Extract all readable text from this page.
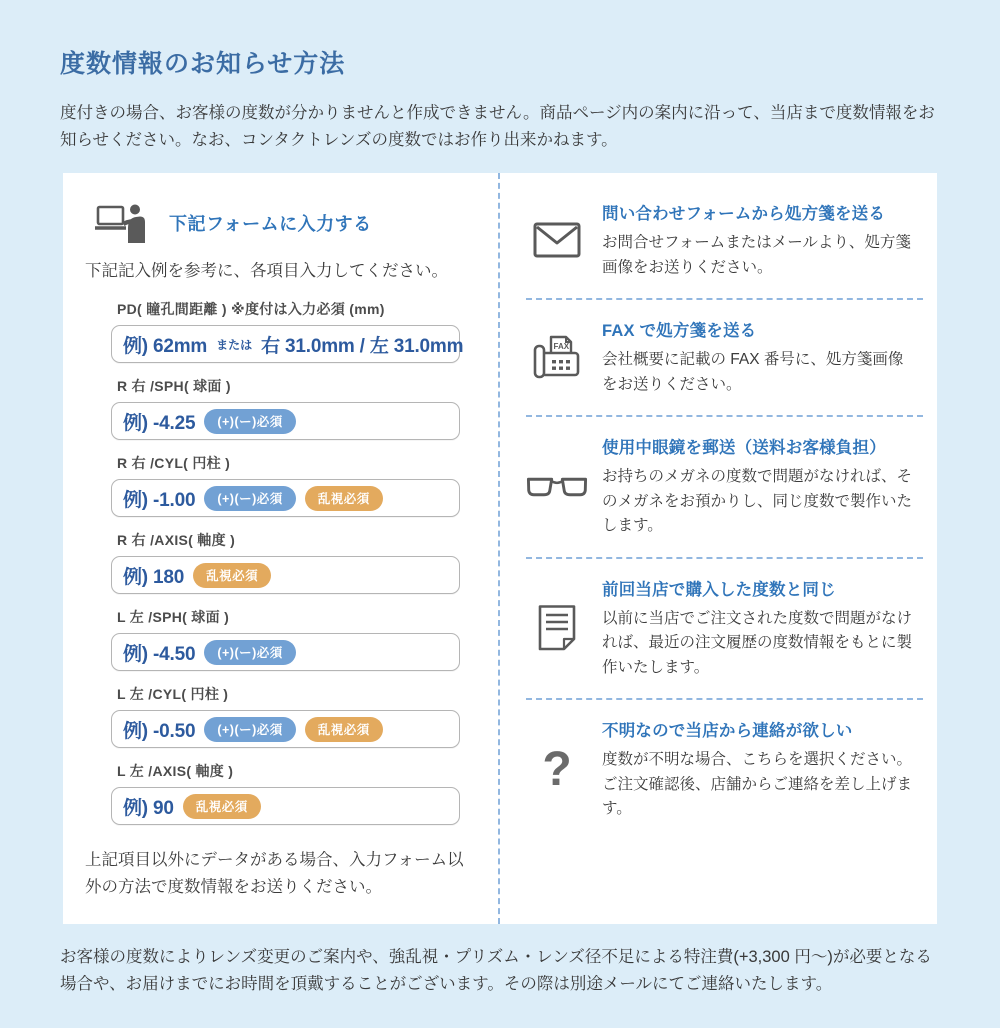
度数情報のお知らせ方法

度付きの場合、お客様の度数が分かりませんと作成できません。商品ページ内の案内に沿って、当店まで度数情報をお知らせください。なお、コンタクトレンズの度数ではお作り出来かねます。

下記フォームに入力する

下記記入例を参考に、各項目入力してください。

PD( 瞳孔間距離 ) ※度付は入力必須 (mm)
例) 62mm または 右 31.0mm / 左 31.0mm
R 右 /SPH( 球面 )
例) -4.25	(+)(ー)必須
R 右 /CYL( 円柱 )
例) -1.00	(+)(ー)必須	乱視必須
R 右 /AXIS( 軸度 )
例) 180	乱視必須
L 左 /SPH( 球面 )
例) -4.50	(+)(ー)必須
L 左 /CYL( 円柱 )
例) -0.50	(+)(ー)必須	乱視必須
L 左 /AXIS( 軸度 )
例) 90	乱視必須

上記項目以外にデータがある場合、入力フォーム以外の方法で度数情報をお送りください。

問い合わせフォームから処方箋を送る
お問合せフォームまたはメールより、処方箋画像をお送りください。
FAX
FAX で処方箋を送る
会社概要に記載の FAX 番号に、処方箋画像をお送りください。
使用中眼鏡を郵送（送料お客様負担）
お持ちのメガネの度数で問題がなければ、そのメガネをお預かりし、同じ度数で製作いたします。
前回当店で購入した度数と同じ
以前に当店でご注文された度数で問題がなければ、最近の注文履歴の度数情報をもとに製作いたします。
?
不明なので当店から連絡が欲しい
度数が不明な場合、こちらを選択ください。ご注文確認後、店舗からご連絡を差し上げます。

お客様の度数によりレンズ変更のご案内や、強乱視・プリズム・レンズ径不足による特注費(+3,300 円～)が必要となる場合や、お届けまでにお時間を頂戴することがございます。その際は別途メールにてご連絡いたします。
